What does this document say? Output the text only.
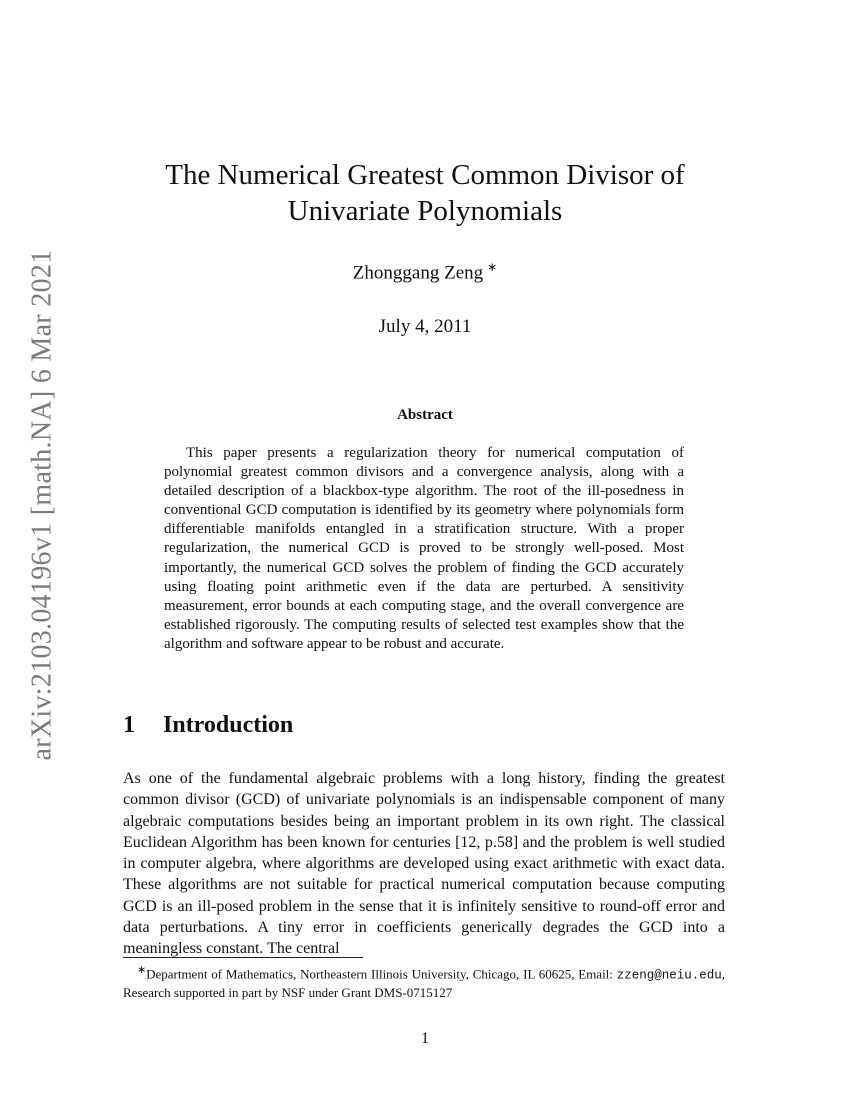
arXiv:2103.04196v1 [math.NA] 6 Mar 2021
The Numerical Greatest Common Divisor of
Univariate Polynomials
Zhonggang Zeng ∗
July 4, 2011
Abstract

This paper presents a regularization theory for numerical computation of polynomial greatest common divisors and a convergence analysis, along with a detailed description of a blackbox-type algorithm. The root of the ill-posedness in conventional GCD computation is identified by its geometry where polynomials form differentiable manifolds entangled in a stratification structure. With a proper regularization, the numerical GCD is proved to be strongly well-posed. Most importantly, the numerical GCD solves the problem of finding the GCD accurately using floating point arithmetic even if the data are perturbed. A sensitivity measurement, error bounds at each computing stage, and the overall convergence are established rigorously. The computing results of selected test examples show that the algorithm and software appear to be robust and accurate.

1 Introduction

As one of the fundamental algebraic problems with a long history, finding the greatest common divisor (GCD) of univariate polynomials is an indispensable component of many algebraic computations besides being an important problem in its own right. The classical Euclidean Algorithm has been known for centuries [12, p.58] and the problem is well studied in computer algebra, where algorithms are developed using exact arithmetic with exact data. These algorithms are not suitable for practical numerical computation because computing GCD is an ill-posed problem in the sense that it is infinitely sensitive to round-off error and data perturbations. A tiny error in coefficients generically degrades the GCD into a meaningless constant. The central

∗Department of Mathematics, Northeastern Illinois University, Chicago, IL 60625, Email: zzeng@neiu.edu, Research supported in part by NSF under Grant DMS-0715127

1
